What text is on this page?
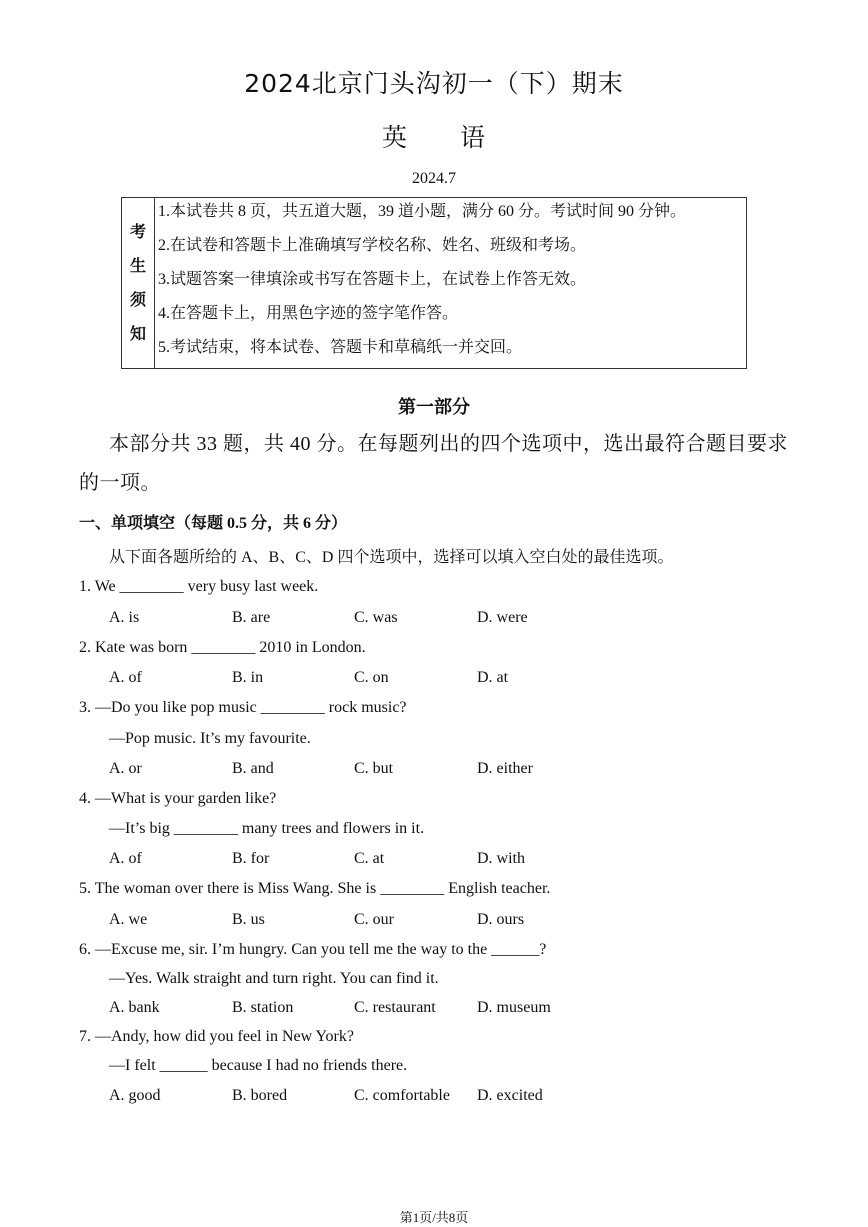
2024北京门头沟初一（下）期末
英　　语
2024.7
考
生
须
知
1.本试卷共 8 页，共五道大题，39 道小题，满分 60 分。考试时间 90 分钟。
2.在试卷和答题卡上准确填写学校名称、姓名、班级和考场。
3.试题答案一律填涂或书写在答题卡上，在试卷上作答无效。
4.在答题卡上，用黑色字迹的签字笔作答。
5.考试结束，将本试卷、答题卡和草稿纸一并交回。
第一部分
本部分共 33 题，共 40 分。在每题列出的四个选项中，选出最符合题目要求的一项。
一、单项填空（每题 0.5 分，共 6 分）
从下面各题所给的 A、B、C、D 四个选项中，选择可以填入空白处的最佳选项。
1. We ________ very busy last week.
A. is	B. are	C. was	D. were
2. Kate was born ________ 2010 in London.
A. of	B. in	C. on	D. at
3. —Do you like pop music ________ rock music?
—Pop music. It’s my favourite.
A. or	B. and	C. but	D. either
4. —What is your garden like?
—It’s big ________ many trees and flowers in it.
A. of	B. for	C. at	D. with
5. The woman over there is Miss Wang. She is ________ English teacher.
A. we	B. us	C. our	D. ours
6. —Excuse me, sir. I’m hungry. Can you tell me the way to the ______?
—Yes. Walk straight and turn right. You can find it.
A. bank	B. station	C. restaurant	D. museum
7. —Andy, how did you feel in New York?
—I felt ______ because I had no friends there.
A. good	B. bored	C. comfortable D. excited
第1页/共8页
